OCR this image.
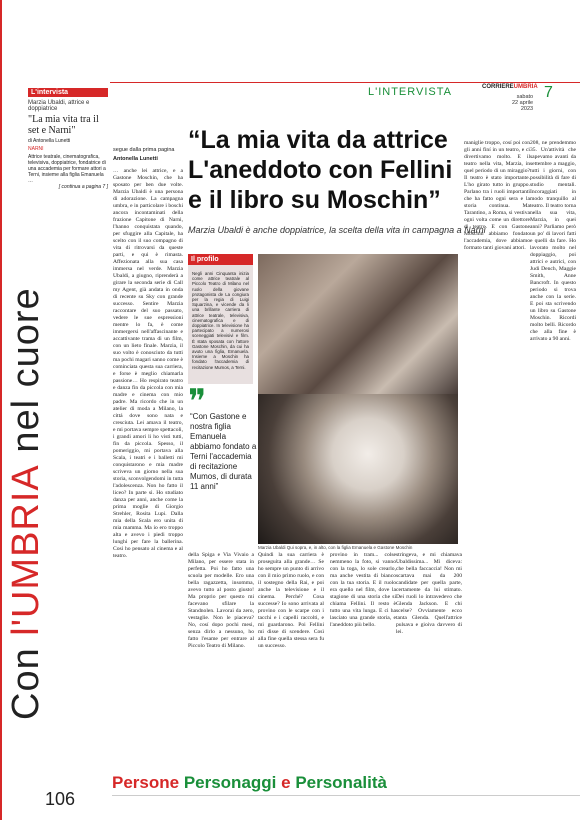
Con l'UMBRIA nel cuore
L'intervista
Marzia Ubaldi, attrice e doppiatrice
"La mia vita tra il set e Narni"
di Antonella Lunetti
NARNI
Attrice teatrale, cinematografica, televisiva, doppiatrice, fondatrice di una accademia per formare attori a Terni, insieme alla figlia Emanuela …
[ continua a pagina 7 ]
L'INTERVISTA	CORRIEREUMBRIA
sabato
22 aprile
2023
7
segue dalla prima pagina
Antonella Lunetti
… anche lei attrice, e a Gastone Moschin, che ha sposato per ben due volte. Marzia Ubaldi è una persona di adorazione. La campagna umbra, e in particolare i boschi ancora incontaminati della frazione Capitone di Narni, l'hanno conquistata quando, per sfuggire alla Capitale, ha scelto con il suo compagno di vita di ritrovarsi da queste parti, e qui è rimasta. Affezionata alla sua casa immersa nel verde. Marzia Ubaldi, a giugno, riprenderà a girare la seconda serie di Call my Agent, già andata in onda di recente su Sky con grande successo. Sentire Marzia raccontare del suo passato, vedere le sue espressioni mentre lo fa, è come immergersi nell'affascinante e accattivante trama di un film, con un lieto finale. Marzia, il suo volto è conosciuto da tutti ma pochi magari sanno come è cominciata questa sua carriera, e forse è meglio chiamarla passione… Ho respirato teatro e danza fin da piccola con mia madre e cinema con mio padre. Ma ricordo che in un atelier di moda a Milano, la cittá dove sono nata e cresciuta. Lei amava il teatro, e mi portava sempre spettacoli, i grandi amori li ho visti tutti, fin da piccola. Spesso, il pomeriggio, mi portava alla Scala, i teatri e i balletti mi conquistarono e mia madre scriveva un giorno nella sua storia, sconvolgendomi in tutta l'adolescenza. Non ho fatto il liceo? In parte sì. Ho studiato danza per anni, anche come la prima moglie di Giorgio Strehler, Rosita Lupi. Dalla mia della Scala ero unita di mia mamma. Ma io ero troppo alta e avevo i piedi troppo lunghi per fare la ballerina. Così ho pensato al cinema e al teatro.
“La mia vita da attrice
L'aneddoto con Fellini
e il libro su Moschin”
Marzia Ubaldi è anche doppiatrice, la scelta della vita in campagna a Narni
Il profilo
Negli anni Cinquanta inizia come attrice teatrale al Piccolo Teatro di Milano nel ruolo della giovane protagonista de La congiura per la regia di Luigi Squarzina, e vicende da li una brillante carriera di attrice teatrale, televisiva, cinematografica e di doppiatrice. In televisione ha partecipato a numerosi sceneggiati televisivi e film. È stata sposata con l'attore Gastone Moschin, da cui ha avuto una figlia, Emanuela. Insieme a Moschin ha fondato l'accademia di recitazione Mumos, a Terni.
❞
“Con Gastone e nostra figlia Emanuela abbiamo fondato a Terni l'accademia di recitazione Mumos, di durata 11 anni”
Marzia Ubaldi Qui sopra, e, in alto, con la figlia Emanuela e Gastone Moschin
della Spiga e Via Vivaio a Milano, per essere stata in perfetta. Poi ho fatto una scuola per modelle. Ero una bella ragazzetta, insomma, avevo tutto al posto giusto! Ma proprio per questo mi facevano sfilare la Standnolen. Lavorai da zero, vestaglie. Non le piaceva? No, cosí dopo pochi mesi, senza dirlo a nessuno, ho fatto l'esame per entrare al Piccolo Teatro di Milano.
Quindi la sua carriera è proseguita alla grande… Se ho sempre un punto di arrivo con il mio primo ruolo, e con il sostegno della Rai, e poi anche la televisione e il cinema. Perché? Cosa successe? Io sono arrivata al provino con le scarpe con i tacchi e i capelli raccolti, e mi guardarono. Poi Fellini mi disse di scendere. Così alla fine quella stessa sera fu un successo.
provino in tram... colse nemmeno la foto, si vanno con la toga, lo sole crearlo, ma anche vestita di bianco con la tua storia. E il ruolo era quello nel film, dove la stagione di una storia che si chiama Fellini. Il resto è tutto una vita lunga. E ci ha lasciato una grande storia, e l'aneddoto più bello.
stringeva, e mi chiamava Ubaldissima... Mi diceva: che bella faccaccia! Non mi scartava mai da 200 candidate per quella parte, certamente da lui stimato. Dei ruoli lo intravedevo che Glenda Jackson. E chi scelse? Ovviamente ecco tanta Glenda. Quell'attrice pulsava e gioiva davvero di lei.
maniglie troppo, cosí poi con gli anni finí in un teatro, e ci divertivamo molto. E il teatro nella vita, Marzia, in quel periodo di un miraggio? Il teatro è stato importante. L'ho girato tutto in gruppo. Parlano tra i ruoli importanti che ha fatto ogni sera e la storia continua. Ma Tarantino, a Roma, si vestiva ogni volta come un direttore di teatro. E con Gastone Moschin abbiamo fondato l'accademia, dove abbiamo formato tanti giovani attori.
208, ne prendemmo 35. Un'attività che sapevamo avanti da settembre a maggio, tutti i giorni, con possibilità di fare di studio mentali. Incoraggiati in modo tranquillo al teatro. Il teatro torna nella sua vita, Marzia, in quei anni? Parliamo però un po' di lavori fatti e quelli da fare. Ho lavorato molto nel doppiaggio, poi attrici e autrici, con Judi Dench, Maggie Smith, Anne Bancroft. In questo periodo si trova anche con la serie. E poi sta scrivendo un libro su Gastone Moschin. Ricordi molto belli. Ricordo che alla fine è arrivato a 90 anni.
Persone Personaggi e Personalità
106
